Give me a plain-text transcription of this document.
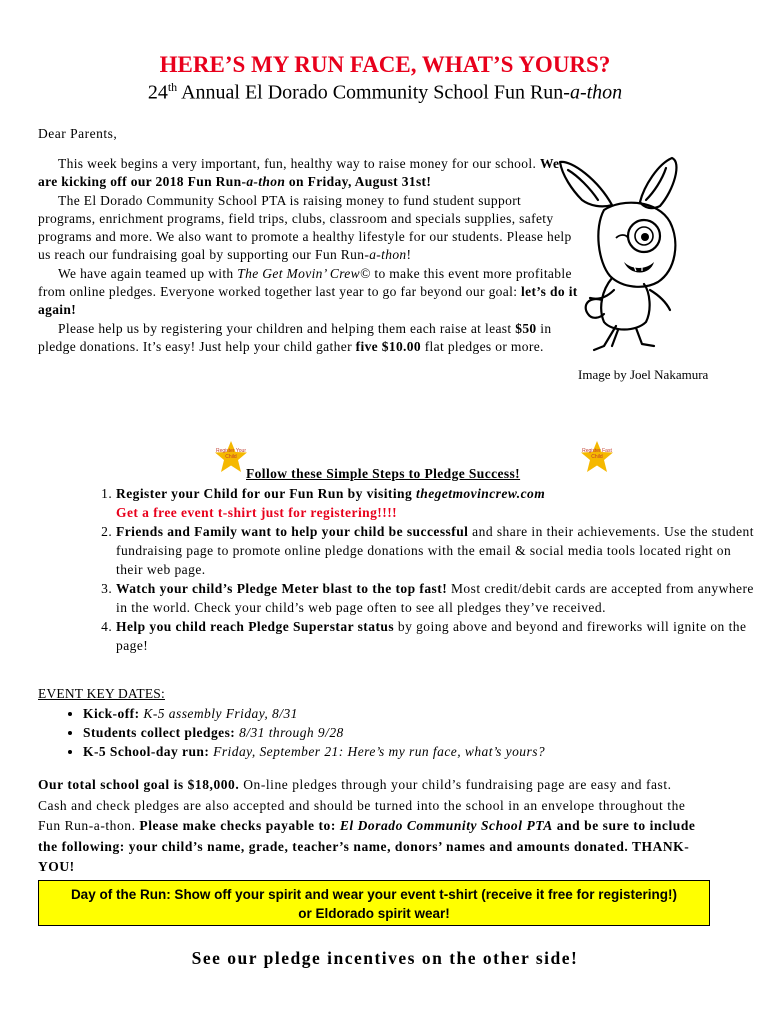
HERE’S MY RUN FACE, WHAT’S YOURS?
24th Annual El Dorado Community School Fun Run-a-thon
Dear Parents,

This week begins a very important, fun, healthy way to raise money for our school. We are kicking off our 2018 Fun Run-a-thon on Friday, August 31st!

The El Dorado Community School PTA is raising money to fund student support programs, enrichment programs, field trips, clubs, classroom and specials supplies, safety programs and more. We also want to promote a healthy lifestyle for our students. Please help us reach our fundraising goal by supporting our Fun Run-a-thon!

We have again teamed up with The Get Movin’ Crew© to make this event more profitable from online pledges. Everyone worked together last year to go far beyond our goal: let’s do it again!

Please help us by registering your children and helping them each raise at least $50 in pledge donations. It’s easy! Just help your child gather five $10.00 flat pledges or more.

Image by Joel Nakamura
Register Your Child
Register Fast Child
Follow these Simple Steps to Pledge Success!
1. Register your Child for our Fun Run by visiting thegetmovincrew.com
Get a free event t-shirt just for registering!!!!
2. Friends and Family want to help your child be successful and share in their achievements. Use the student fundraising page to promote online pledge donations with the email & social media tools located right on their web page.
3. Watch your child’s Pledge Meter blast to the top fast! Most credit/debit cards are accepted from anywhere in the world. Check your child’s web page often to see all pledges they’ve received.
4. Help you child reach Pledge Superstar status by going above and beyond and fireworks will ignite on the page!
EVENT KEY DATES:
• Kick-off: K-5 assembly Friday, 8/31
• Students collect pledges: 8/31 through 9/28
• K-5 School-day run: Friday, September 21: Here’s my run face, what’s yours?

Our total school goal is $18,000. On-line pledges through your child’s fundraising page are easy and fast. Cash and check pledges are also accepted and should be turned into the school in an envelope throughout the Fun Run-a-thon. Please make checks payable to: El Dorado Community School PTA and be sure to include the following: your child’s name, grade, teacher’s name, donors’ names and amounts donated. THANK-YOU!

Day of the Run: Show off your spirit and wear your event t-shirt (receive it free for registering!)
or Eldorado spirit wear!
See our pledge incentives on the other side!
